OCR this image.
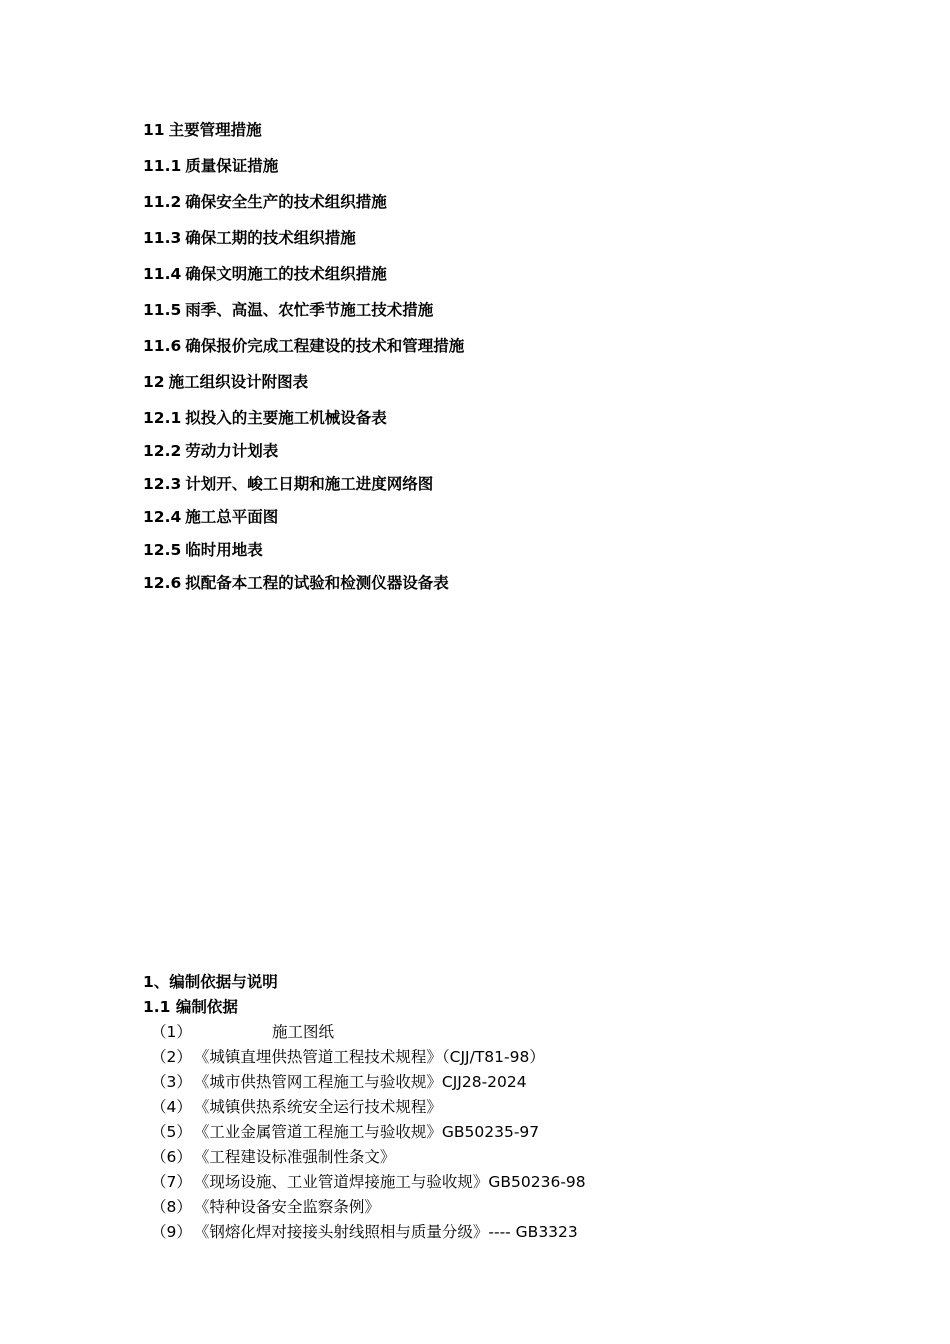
11 主要管理措施
11.1 质量保证措施
11.2 确保安全生产的技术组织措施
11.3 确保工期的技术组织措施
11.4 确保文明施工的技术组织措施
11.5 雨季、高温、农忙季节施工技术措施
11.6 确保报价完成工程建设的技术和管理措施
12 施工组织设计附图表
12.1 拟投入的主要施工机械设备表
12.2 劳动力计划表
12.3 计划开、峻工日期和施工进度网络图
12.4 施工总平面图
12.5 临时用地表
12.6 拟配备本工程的试验和检测仪器设备表
1、编制依据与说明
1.1 编制依据
（1）	施工图纸
（2） 《城镇直埋供热管道工程技术规程》（CJJ/T81-98）
（3） 《城市供热管网工程施工与验收规》CJJ28-2024
（4） 《城镇供热系统安全运行技术规程》
（5） 《工业金属管道工程施工与验收规》GB50235-97
（6） 《工程建设标准强制性条文》
（7） 《现场设施、工业管道焊接施工与验收规》GB50236-98
（8） 《特种设备安全监察条例》
（9） 《钢熔化焊对接接头射线照相与质量分级》---- GB3323
